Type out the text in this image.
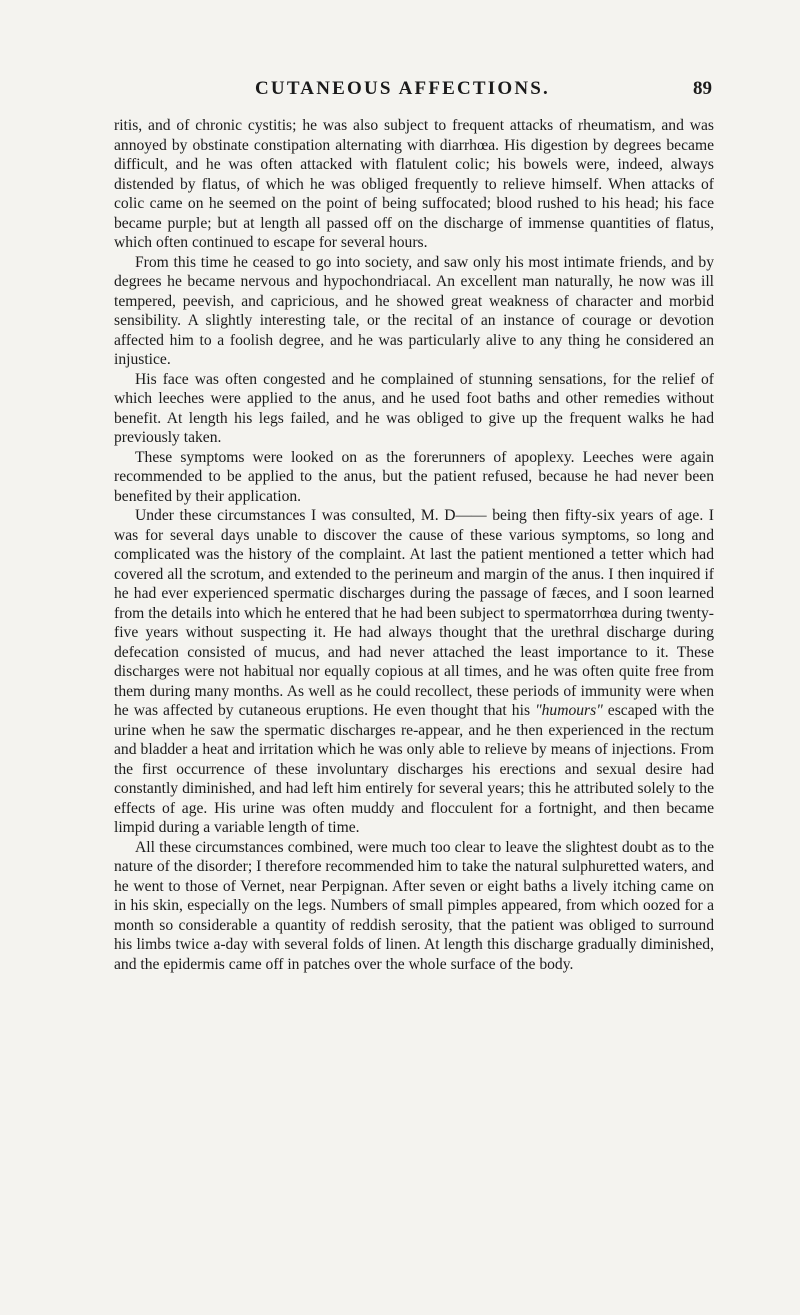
CUTANEOUS AFFECTIONS.	89

ritis, and of chronic cystitis; he was also subject to frequent attacks of rheumatism, and was annoyed by obstinate constipation alternating with diarrhœa. His digestion by degrees became difficult, and he was often attacked with flatulent colic; his bowels were, indeed, always distended by flatus, of which he was obliged frequently to relieve himself. When attacks of colic came on he seemed on the point of being suffocated; blood rushed to his head; his face became purple; but at length all passed off on the discharge of immense quantities of flatus, which often continued to escape for several hours.

From this time he ceased to go into society, and saw only his most intimate friends, and by degrees he became nervous and hypochondriacal. An excellent man naturally, he now was ill tempered, peevish, and capricious, and he showed great weakness of character and morbid sensibility. A slightly interesting tale, or the recital of an instance of courage or devotion affected him to a foolish degree, and he was particularly alive to any thing he considered an injustice.

His face was often congested and he complained of stunning sensations, for the relief of which leeches were applied to the anus, and he used foot baths and other remedies without benefit. At length his legs failed, and he was obliged to give up the frequent walks he had previously taken.

These symptoms were looked on as the forerunners of apoplexy. Leeches were again recommended to be applied to the anus, but the patient refused, because he had never been benefited by their application.

Under these circumstances I was consulted, M. D—— being then fifty-six years of age. I was for several days unable to discover the cause of these various symptoms, so long and complicated was the history of the complaint. At last the patient mentioned a tetter which had covered all the scrotum, and extended to the perineum and margin of the anus. I then inquired if he had ever experienced spermatic discharges during the passage of fæces, and I soon learned from the details into which he entered that he had been subject to spermatorrhœa during twenty-five years without suspecting it. He had always thought that the urethral discharge during defecation consisted of mucus, and had never attached the least importance to it. These discharges were not habitual nor equally copious at all times, and he was often quite free from them during many months. As well as he could recollect, these periods of immunity were when he was affected by cutaneous eruptions. He even thought that his "humours" escaped with the urine when he saw the spermatic discharges re-appear, and he then experienced in the rectum and bladder a heat and irritation which he was only able to relieve by means of injections. From the first occurrence of these involuntary discharges his erections and sexual desire had constantly diminished, and had left him entirely for several years; this he attributed solely to the effects of age. His urine was often muddy and flocculent for a fortnight, and then became limpid during a variable length of time.

All these circumstances combined, were much too clear to leave the slightest doubt as to the nature of the disorder; I therefore recommended him to take the natural sulphuretted waters, and he went to those of Vernet, near Perpignan. After seven or eight baths a lively itching came on in his skin, especially on the legs. Numbers of small pimples appeared, from which oozed for a month so considerable a quantity of reddish serosity, that the patient was obliged to surround his limbs twice a-day with several folds of linen. At length this discharge gradually diminished, and the epidermis came off in patches over the whole surface of the body.
